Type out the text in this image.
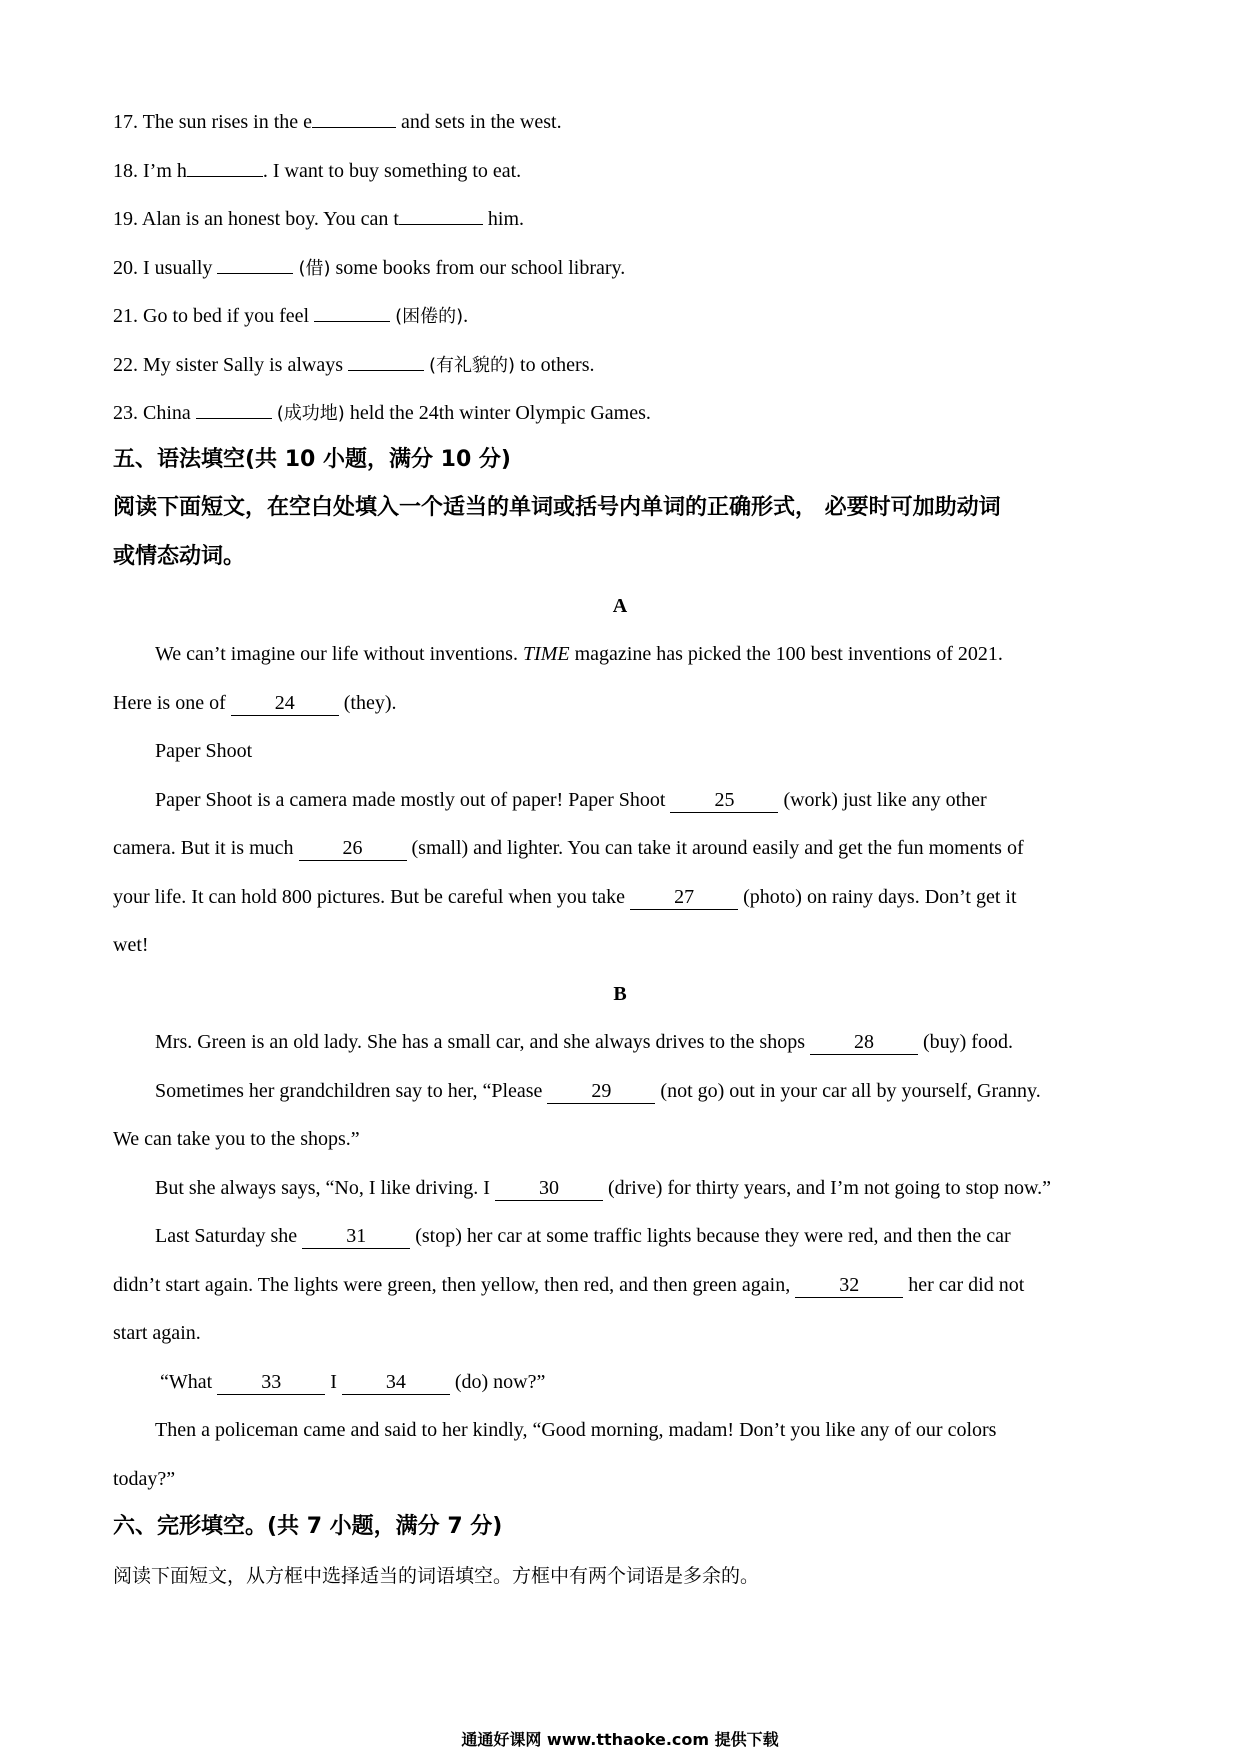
17. The sun rises in the e	and sets in the west.
18. I’m h	. I want to buy something to eat.
19. Alan is an honest boy. You can t	him.
20. I usually	(借) some books from our school library.
21. Go to bed if you feel	(困倦的).
22. My sister Sally is always	(有礼貌的) to others.
23. China	(成功地) held the 24th winter Olympic Games.
五、语法填空(共 10 小题，满分 10 分)
阅读下面短文，在空白处填入一个适当的单词或括号内单词的正确形式， 必要时可加助动词
或情态动词。
A
We can’t imagine our life without inventions. TIME magazine has picked the 100 best inventions of 2021.
Here is one of 24 (they).
Paper Shoot
Paper Shoot is a camera made mostly out of paper! Paper Shoot 25 (work) just like any other
camera. But it is much 26 (small) and lighter. You can take it around easily and get the fun moments of
your life. It can hold 800 pictures. But be careful when you take 27 (photo) on rainy days. Don’t get it
wet!
B
Mrs. Green is an old lady. She has a small car, and she always drives to the shops 28 (buy) food.
Sometimes her grandchildren say to her, “Please 29 (not go) out in your car all by yourself, Granny.
We can take you to the shops.”
But she always says, “No, I like driving. I 30 (drive) for thirty years, and I’m not going to stop now.”
Last Saturday she 31 (stop) her car at some traffic lights because they were red, and then the car
didn’t start again. The lights were green, then yellow, then red, and then green again, 32 her car did not
start again.
“What 33 I 34 (do) now?”
Then a policeman came and said to her kindly, “Good morning, madam! Don’t you like any of our colors
today?”
六、完形填空。(共 7 小题，满分 7 分)
阅读下面短文，从方框中选择适当的词语填空。方框中有两个词语是多余的。
通通好课网 www.tthaoke.com 提供下载
